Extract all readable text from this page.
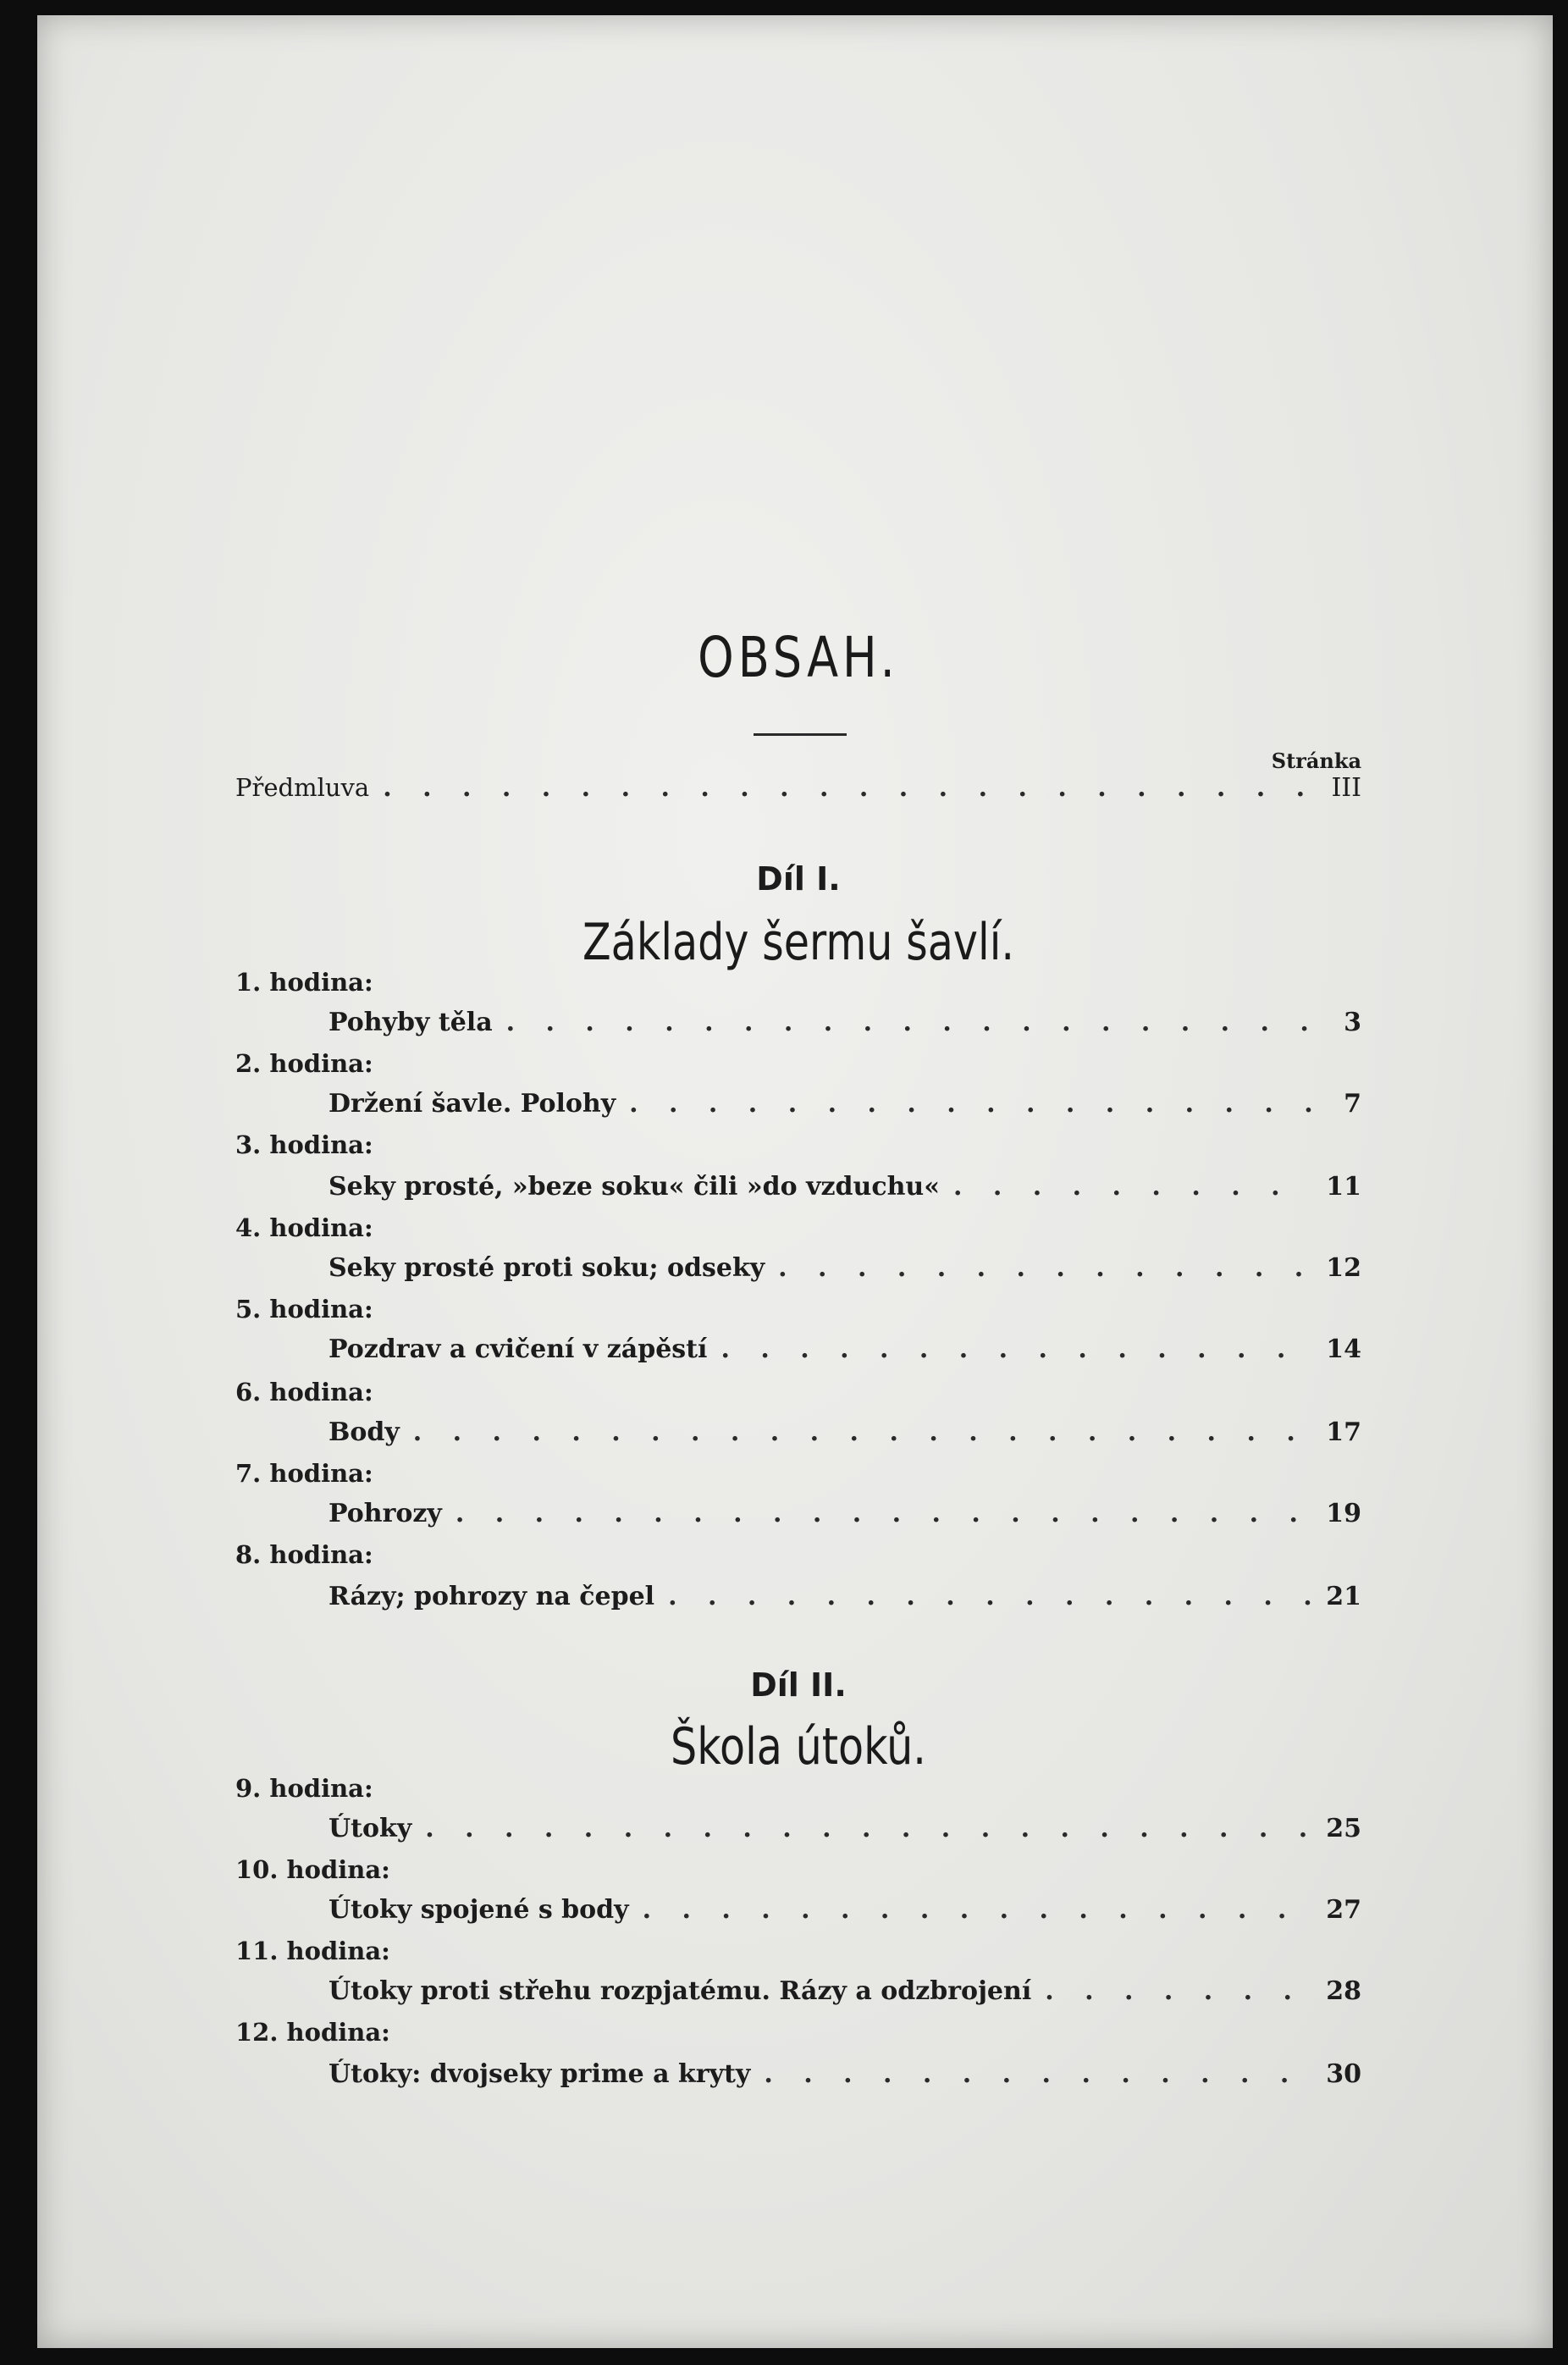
OBSAH.
Stránka
Předmluva . . .	III
Díl I.
Základy šermu šavlí.
1. hodina:
Pohyby těla . . .	3
2. hodina:
Držení šavle. Polohy . . .	7
3. hodina:
Seky prosté, »beze soku« čili »do vzduchu« . . .	11
4. hodina:
Seky prosté proti soku; odseky . . .	12
5. hodina:
Pozdrav a cvičení v zápěstí . . .	14
6. hodina:
Body . . .	17
7. hodina:
Pohrozy . . .	19
8. hodina:
Rázy; pohrozy na čepel . . .	21
Díl II.
Škola útoků.
9. hodina:
Útoky . . .	25
10. hodina:
Útoky spojené s body . . .	27
11. hodina:
Útoky proti střehu rozpjatému. Rázy a odzbrojení . . .	28
12. hodina:
Útoky: dvojseky prime a kryty . . .	30
